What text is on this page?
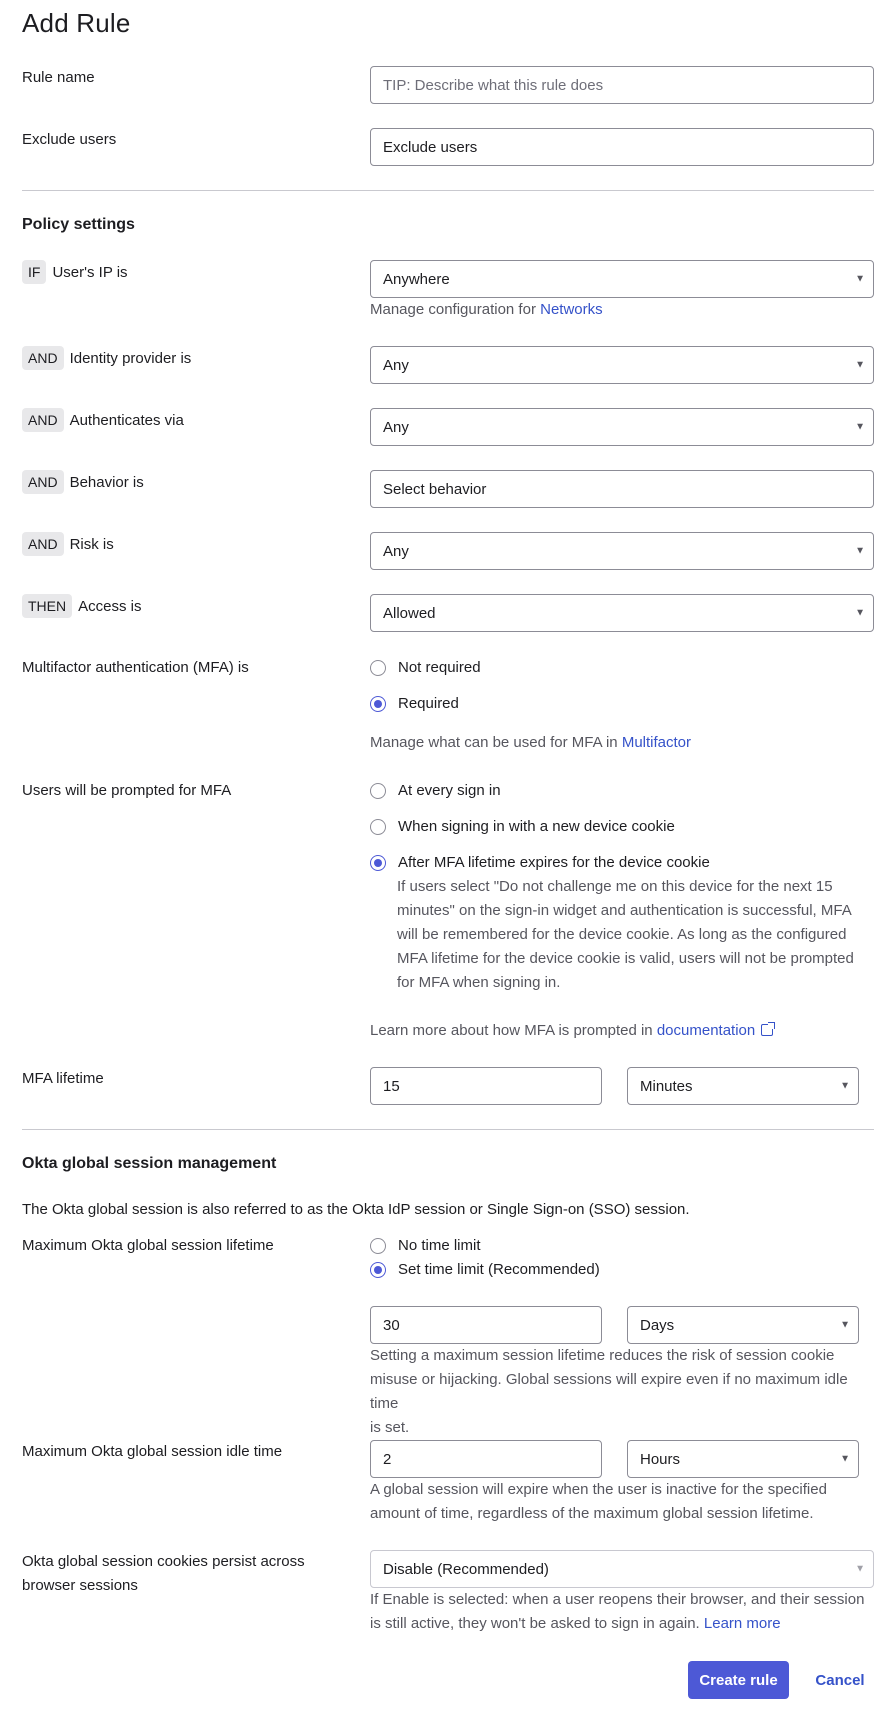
Add Rule
Rule name	TIP: Describe what this rule does
Exclude users	Exclude users
Policy settings
IF User's IP is	Anywhere	▼
Manage configuration for Networks
AND Identity provider is	Any	▼
AND Authenticates via	Any	▼
AND Behavior is	Select behavior
AND Risk is	Any	▼
THEN Access is	Allowed	▼
Multifactor authentication (MFA) is	Not required
Required
Manage what can be used for MFA in Multifactor
Users will be prompted for MFA	At every sign in
When signing in with a new device cookie
After MFA lifetime expires for the device cookie
If users select "Do not challenge me on this device for the next 15
minutes" on the sign-in widget and authentication is successful, MFA
will be remembered for the device cookie. As long as the configured
MFA lifetime for the device cookie is valid, users will not be prompted
for MFA when signing in.
Learn more about how MFA is prompted in documentation
MFA lifetime	15	Minutes	▼
Okta global session management
The Okta global session is also referred to as the Okta IdP session or Single Sign-on (SSO) session.
Maximum Okta global session lifetime	No time limit
Set time limit (Recommended)
30	Days	▼
Setting a maximum session lifetime reduces the risk of session cookie
misuse or hijacking. Global sessions will expire even if no maximum idle time
is set.
Maximum Okta global session idle time	2	Hours	▼
A global session will expire when the user is inactive for the specified
amount of time, regardless of the maximum global session lifetime.
Okta global session cookies persist across
browser sessions
Disable (Recommended)	▼
If Enable is selected: when a user reopens their browser, and their session
is still active, they won't be asked to sign in again. Learn more
Create rule	Cancel
